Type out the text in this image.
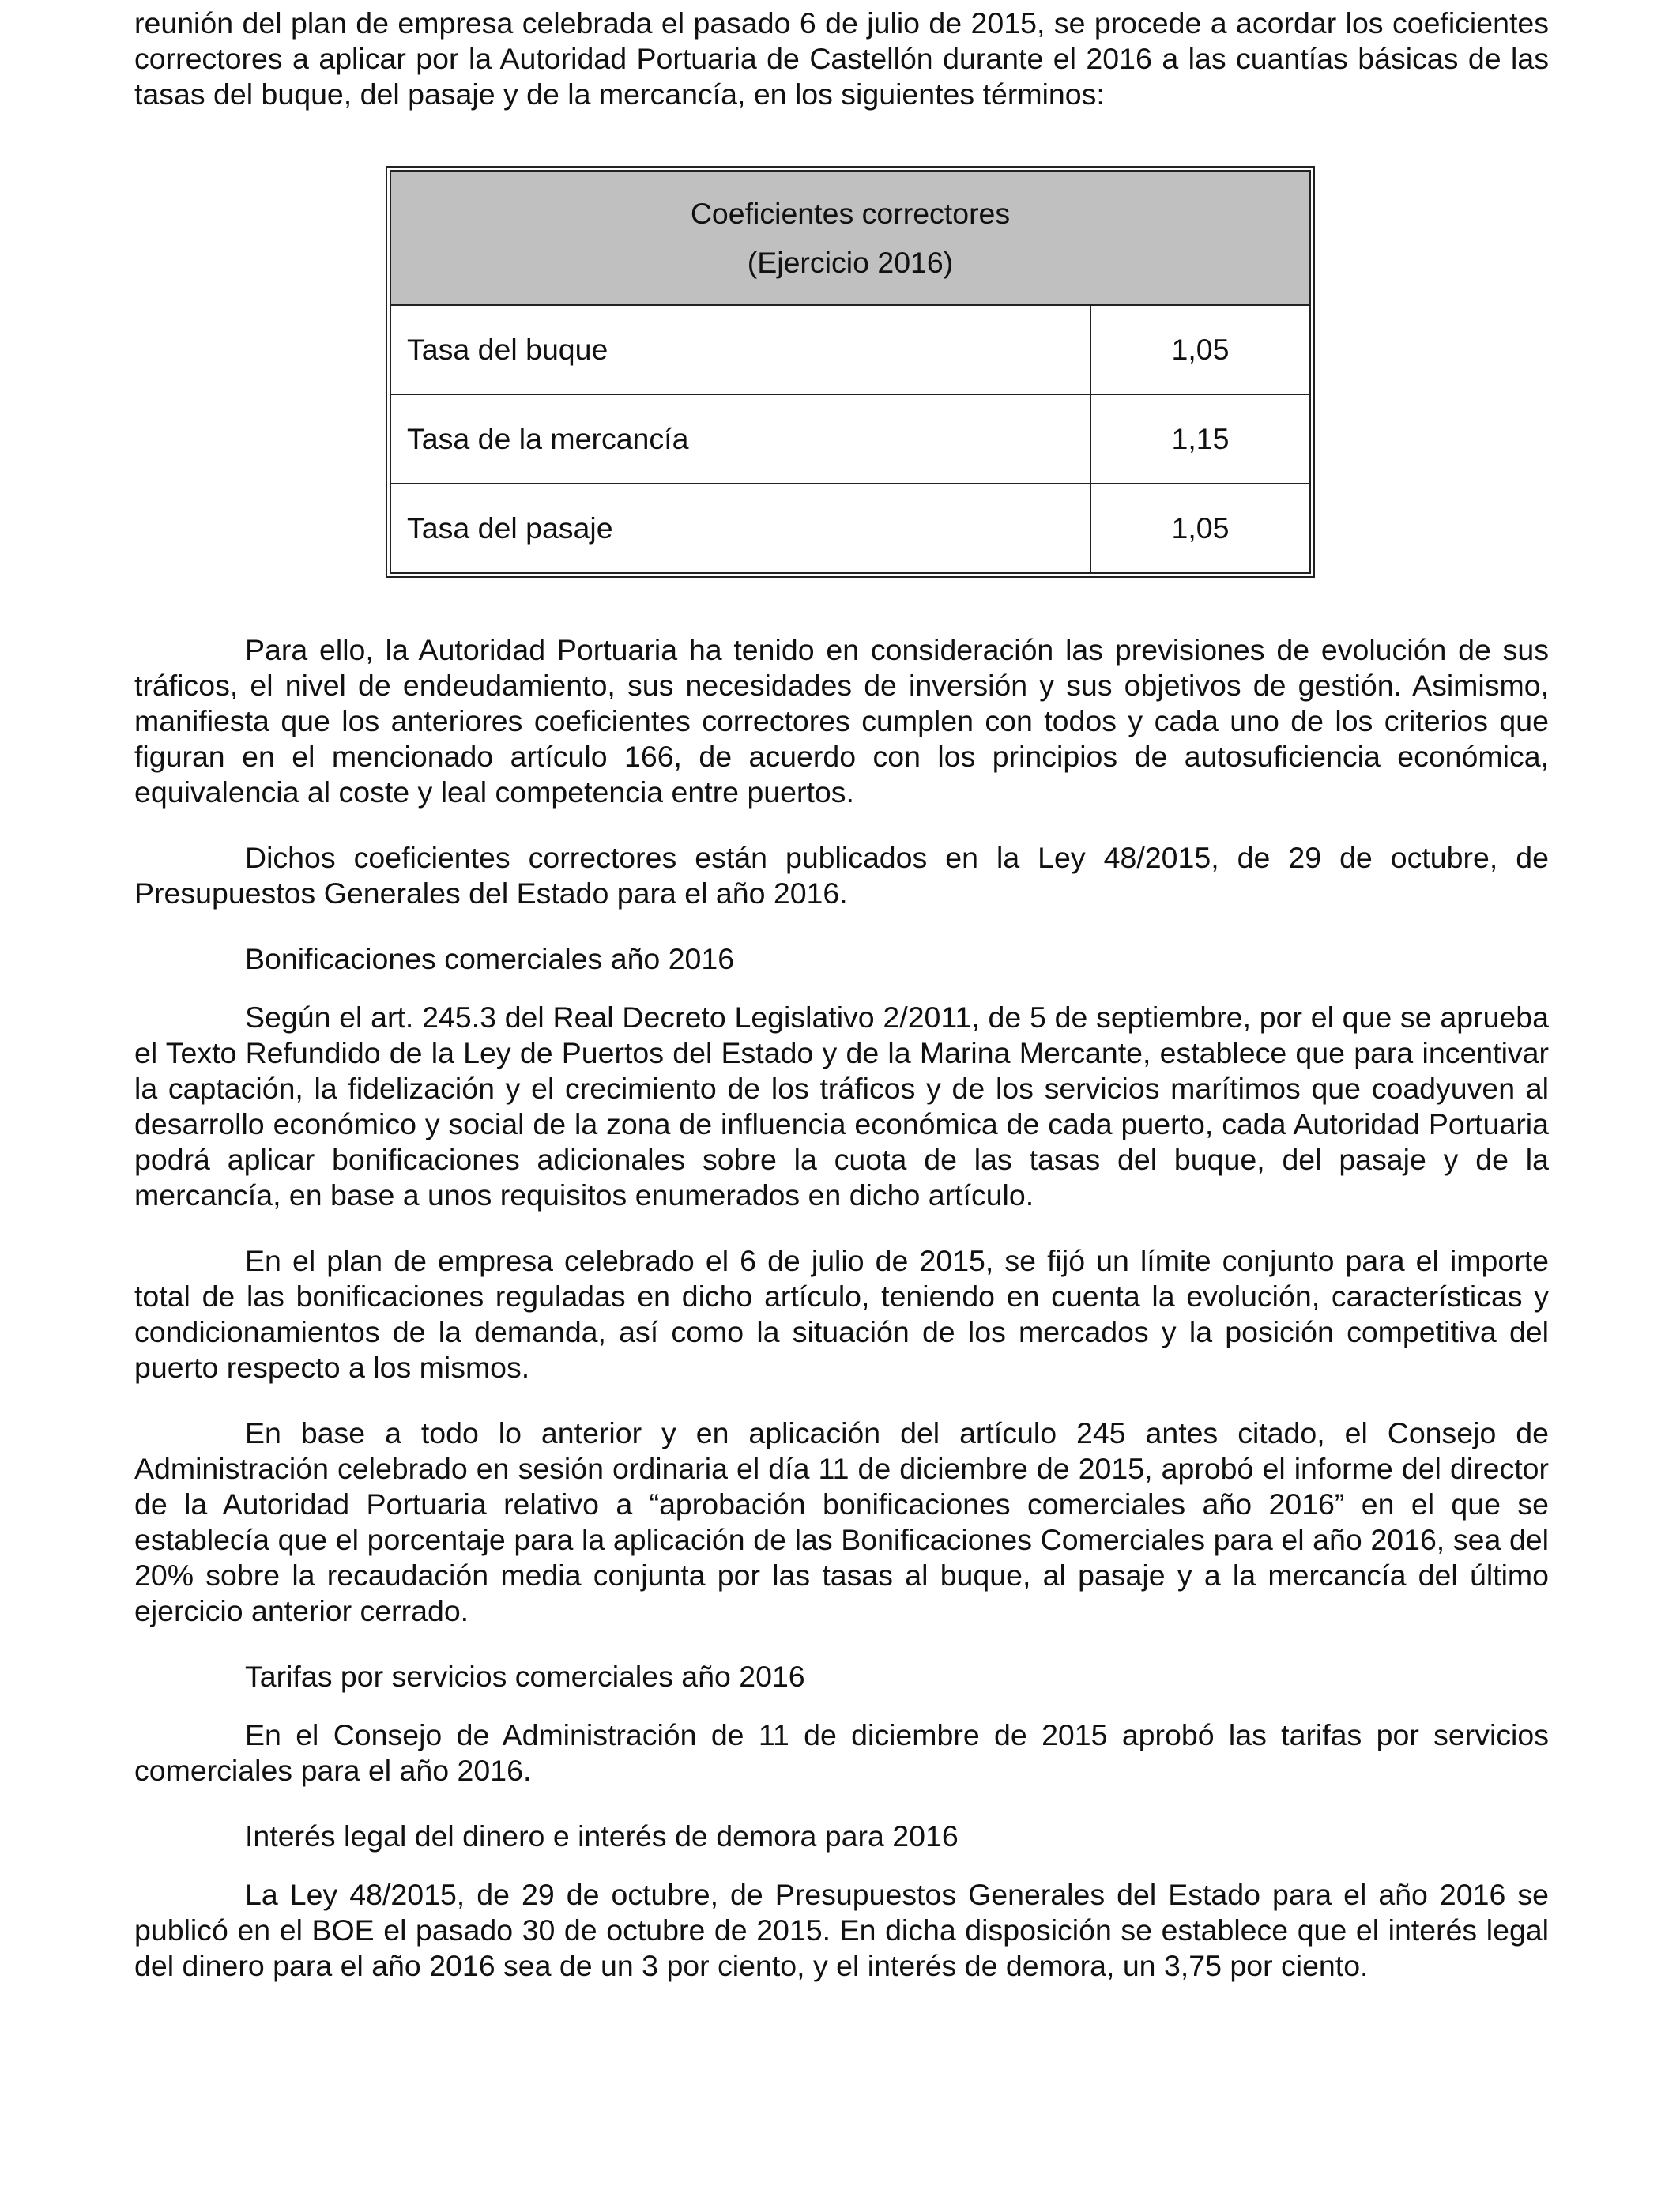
reunión del plan de empresa celebrada el pasado 6 de julio de 2015, se procede a acordar los coeficientes correctores a aplicar por la Autoridad Portuaria de Castellón durante el 2016 a las cuantías básicas de las tasas del buque, del pasaje y de la mercancía, en los siguientes términos:

Coeficientes correctores
(Ejercicio 2016)	

Tasa del buque	1,05
Tasa de la mercancía	1,15
Tasa del pasaje	1,05

Para ello, la Autoridad Portuaria ha tenido en consideración las previsiones de evolución de sus tráficos, el nivel de endeudamiento, sus necesidades de inversión y sus objetivos de gestión. Asimismo, manifiesta que los anteriores coeficientes correctores cumplen con todos y cada uno de los criterios que figuran en el mencionado artículo 166, de acuerdo con los principios de autosuficiencia económica, equivalencia al coste y leal competencia entre puertos.

Dichos coeficientes correctores están publicados en la Ley 48/2015, de 29 de octubre, de Presupuestos Generales del Estado para el año 2016.

Bonificaciones comerciales año 2016

Según el art. 245.3 del Real Decreto Legislativo 2/2011, de 5 de septiembre, por el que se aprueba el Texto Refundido de la Ley de Puertos del Estado y de la Marina Mercante, establece que para incentivar la captación, la fidelización y el crecimiento de los tráficos y de los servicios marítimos que coadyuven al desarrollo económico y social de la zona de influencia económica de cada puerto, cada Autoridad Portuaria podrá aplicar bonificaciones adicionales sobre la cuota de las tasas del buque, del pasaje y de la mercancía, en base a unos requisitos enumerados en dicho artículo.

En el plan de empresa celebrado el 6 de julio de 2015, se fijó un límite conjunto para el importe total de las bonificaciones reguladas en dicho artículo, teniendo en cuenta la evolución, características y condicionamientos de la demanda, así como la situación de los mercados y la posición competitiva del puerto respecto a los mismos.

En base a todo lo anterior y en aplicación del artículo 245 antes citado, el Consejo de Administración celebrado en sesión ordinaria el día 11 de diciembre de 2015, aprobó el informe del director de la Autoridad Portuaria relativo a “aprobación bonificaciones comerciales año 2016” en el que se establecía que el porcentaje para la aplicación de las Bonificaciones Comerciales para el año 2016, sea del 20% sobre la recaudación media conjunta por las tasas al buque, al pasaje y a la mercancía del último ejercicio anterior cerrado.

Tarifas por servicios comerciales año 2016

En el Consejo de Administración de 11 de diciembre de 2015 aprobó las tarifas por servicios comerciales para el año 2016.

Interés legal del dinero e interés de demora para 2016

La Ley 48/2015, de 29 de octubre, de Presupuestos Generales del Estado para el año 2016 se publicó en el BOE el pasado 30 de octubre de 2015. En dicha disposición se establece que el interés legal del dinero para el año 2016 sea de un 3 por ciento, y el interés de demora, un 3,75 por ciento.
